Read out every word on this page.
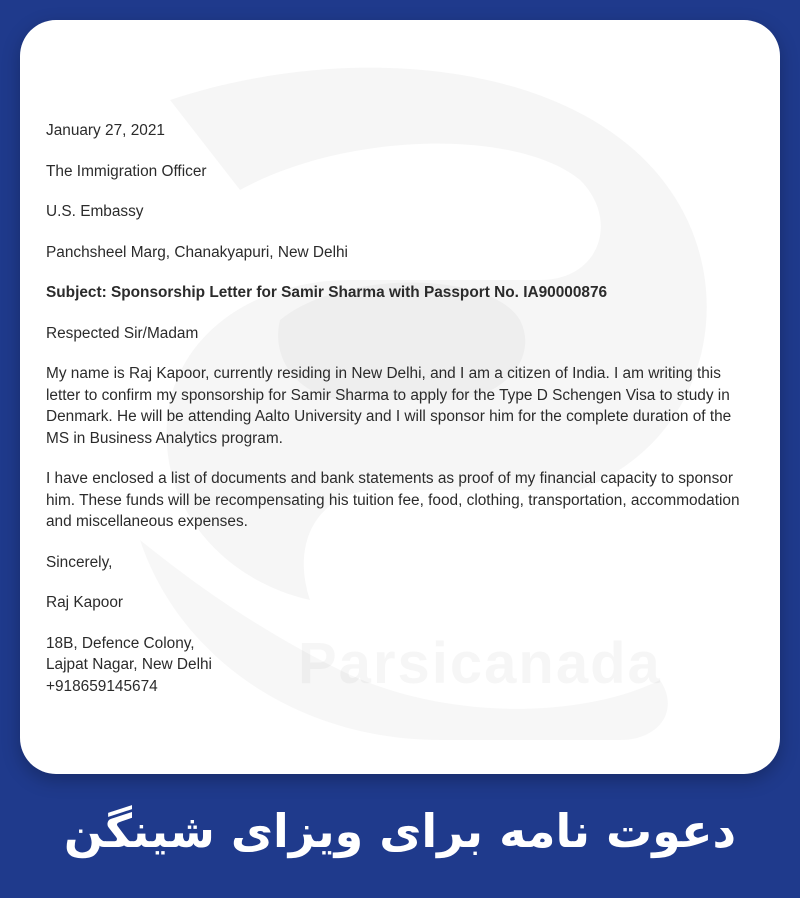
January 27, 2021

The Immigration Officer

U.S. Embassy

Panchsheel Marg, Chanakyapuri, New Delhi

Subject: Sponsorship Letter for Samir Sharma with Passport No. IA90000876

Respected Sir/Madam

My name is Raj Kapoor, currently residing in New Delhi, and I am a citizen of India. I am writing this letter to confirm my sponsorship for Samir Sharma to apply for the Type D Schengen Visa to study in Denmark. He will be attending Aalto University and I will sponsor him for the complete duration of the MS in Business Analytics program.

I have enclosed a list of documents and bank statements as proof of my financial capacity to sponsor him. These funds will be recompensating his tuition fee, food, clothing, transportation, accommodation and miscellaneous expenses.

Sincerely,

Raj Kapoor

18B, Defence Colony,
Lajpat Nagar, New Delhi
+918659145674

دعوت نامه برای ویزای شینگن
